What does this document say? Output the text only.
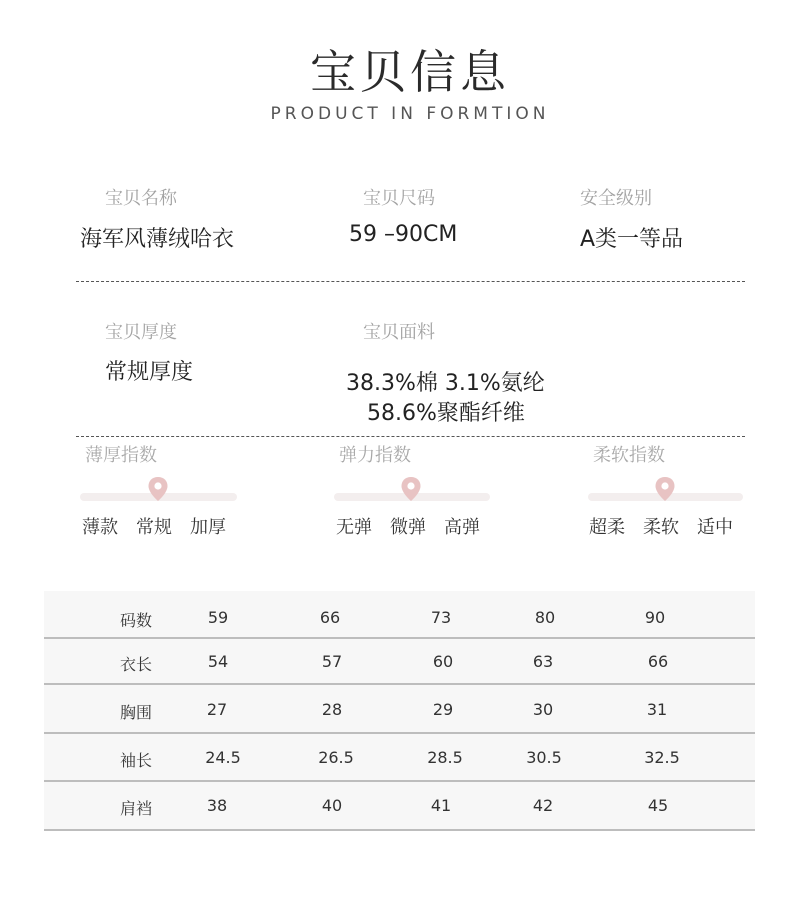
宝贝信息
PRODUCT IN FORMTION
宝贝名称
海军风薄绒哈衣
宝贝尺码
59 –90CM
安全级别
A类一等品
宝贝厚度
常规厚度
宝贝面料
38.3%棉 3.1%氨纶
58.6%聚酯纤维
薄厚指数
薄款 常规 加厚
弹力指数
无弹 微弹 高弹
柔软指数
超柔 柔软 适中
码数	59	66	73	80	90
衣长	54	57	60	63	66
胸围	27	28	29	30	31
袖长	24.5	26.5	28.5	30.5	32.5
肩裆	38	40	41	42	45
